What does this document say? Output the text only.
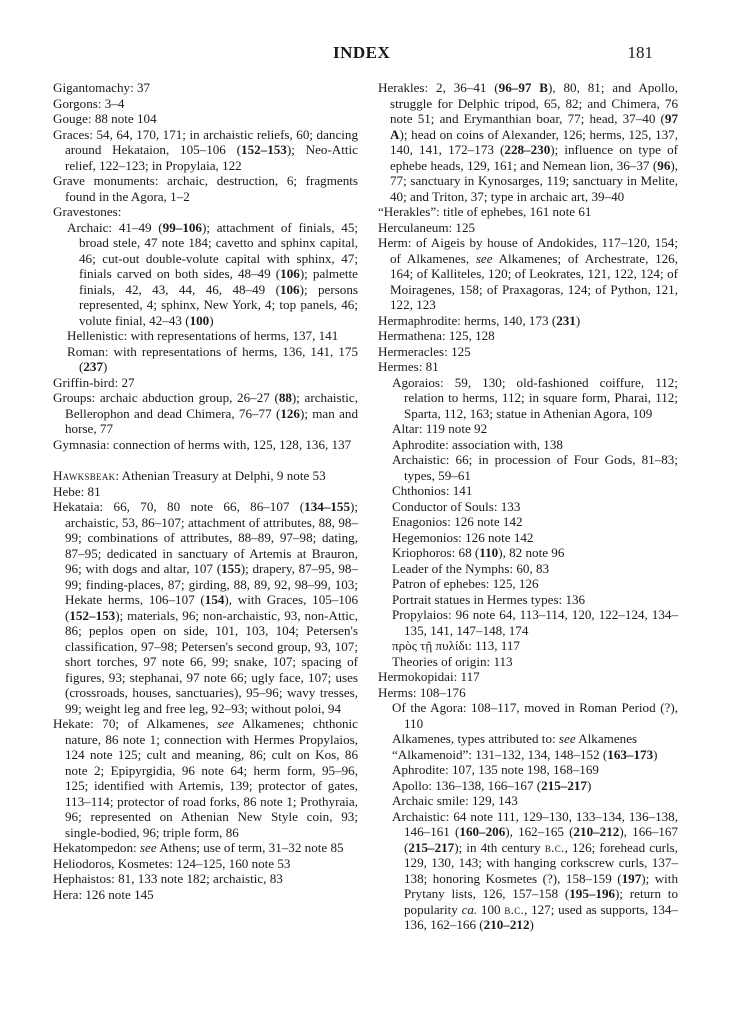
INDEX	181
Gigantomachy: 37
Gorgons: 3–4
Gouge: 88 note 104
Graces: 54, 64, 170, 171; in archaistic reliefs, 60; dancing around Hekataion, 105–106 (152–153); Neo-Attic relief, 122–123; in Propylaia, 122
Grave monuments: archaic, destruction, 6; fragments found in the Agora, 1–2
Gravestones:
Archaic: 41–49 (99–106); attachment of finials, 45; broad stele, 47 note 184; cavetto and sphinx capital, 46; cut-out double-volute capital with sphinx, 47; finials carved on both sides, 48–49 (106); palmette finials, 42, 43, 44, 46, 48–49 (106); persons represented, 4; sphinx, New York, 4; top panels, 46; volute finial, 42–43 (100)
Hellenistic: with representations of herms, 137, 141
Roman: with representations of herms, 136, 141, 175 (237)
Griffin-bird: 27
Groups: archaic abduction group, 26–27 (88); archaistic, Bellerophon and dead Chimera, 76–77 (126); man and horse, 77
Gymnasia: connection of herms with, 125, 128, 136, 137
Hawksbeak: Athenian Treasury at Delphi, 9 note 53
Hebe: 81
Hekataia: 66, 70, 80 note 66, 86–107 (134–155); archaistic, 53, 86–107; attachment of attributes, 88, 98–99; combinations of attributes, 88–89, 97–98; dating, 87–95; dedicated in sanctuary of Artemis at Brauron, 96; with dogs and altar, 107 (155); drapery, 87–95, 98–99; finding-places, 87; girding, 88, 89, 92, 98–99, 103; Hekate herms, 106–107 (154), with Graces, 105–106 (152–153); materials, 96; non-archaistic, 93, non-Attic, 86; peplos open on side, 101, 103, 104; Petersen's classification, 97–98; Petersen's second group, 93, 107; short torches, 97 note 66, 99; snake, 107; spacing of figures, 93; stephanai, 97 note 66; ugly face, 107; uses (crossroads, houses, sanctuaries), 95–96; wavy tresses, 99; weight leg and free leg, 92–93; without poloi, 94
Hekate: 70; of Alkamenes, see Alkamenes; chthonic nature, 86 note 1; connection with Hermes Propylaios, 124 note 125; cult and meaning, 86; cult on Kos, 86 note 2; Epipyrgidia, 96 note 64; herm form, 95–96, 125; identified with Artemis, 139; protector of gates, 113–114; protector of road forks, 86 note 1; Prothyraia, 96; represented on Athenian New Style coin, 93; single-bodied, 96; triple form, 86
Hekatompedon: see Athens; use of term, 31–32 note 85
Heliodoros, Kosmetes: 124–125, 160 note 53
Hephaistos: 81, 133 note 182; archaistic, 83
Hera: 126 note 145
Herakles: 2, 36–41 (96–97 B), 80, 81; and Apollo, struggle for Delphic tripod, 65, 82; and Chimera, 76 note 51; and Erymanthian boar, 77; head, 37–40 (97 A); head on coins of Alexander, 126; herms, 125, 137, 140, 141, 172–173 (228–230); influence on type of ephebe heads, 129, 161; and Nemean lion, 36–37 (96), 77; sanctuary in Kynosarges, 119; sanctuary in Melite, 40; and Triton, 37; type in archaic art, 39–40
“Herakles”: title of ephebes, 161 note 61
Herculaneum: 125
Herm: of Aigeis by house of Andokides, 117–120, 154; of Alkamenes, see Alkamenes; of Archestrate, 126, 164; of Kalliteles, 120; of Leokrates, 121, 122, 124; of Moiragenes, 158; of Praxagoras, 124; of Python, 121, 122, 123
Hermaphrodite: herms, 140, 173 (231)
Hermathena: 125, 128
Hermeracles: 125
Hermes: 81
Agoraios: 59, 130; old-fashioned coiffure, 112; relation to herms, 112; in square form, Pharai, 112; Sparta, 112, 163; statue in Athenian Agora, 109
Altar: 119 note 92
Aphrodite: association with, 138
Archaistic: 66; in procession of Four Gods, 81–83; types, 59–61
Chthonios: 141
Conductor of Souls: 133
Enagonios: 126 note 142
Hegemonios: 126 note 142
Kriophoros: 68 (110), 82 note 96
Leader of the Nymphs: 60, 83
Patron of ephebes: 125, 126
Portrait statues in Hermes types: 136
Propylaios: 96 note 64, 113–114, 120, 122–124, 134–135, 141, 147–148, 174
πρὸς τῇ πυλίδι: 113, 117
Theories of origin: 113
Hermokopidai: 117
Herms: 108–176
Of the Agora: 108–117, moved in Roman Period (?), 110
Alkamenes, types attributed to: see Alkamenes
“Alkamenoid”: 131–132, 134, 148–152 (163–173)
Aphrodite: 107, 135 note 198, 168–169
Apollo: 136–138, 166–167 (215–217)
Archaic smile: 129, 143
Archaistic: 64 note 111, 129–130, 133–134, 136–138, 146–161 (160–206), 162–165 (210–212), 166–167 (215–217); in 4th century b.c., 126; forehead curls, 129, 130, 143; with hanging corkscrew curls, 137–138; honoring Kosmetes (?), 158–159 (197); with Prytany lists, 126, 157–158 (195–196); return to popularity ca. 100 b.c., 127; used as supports, 134–136, 162–166 (210–212)
